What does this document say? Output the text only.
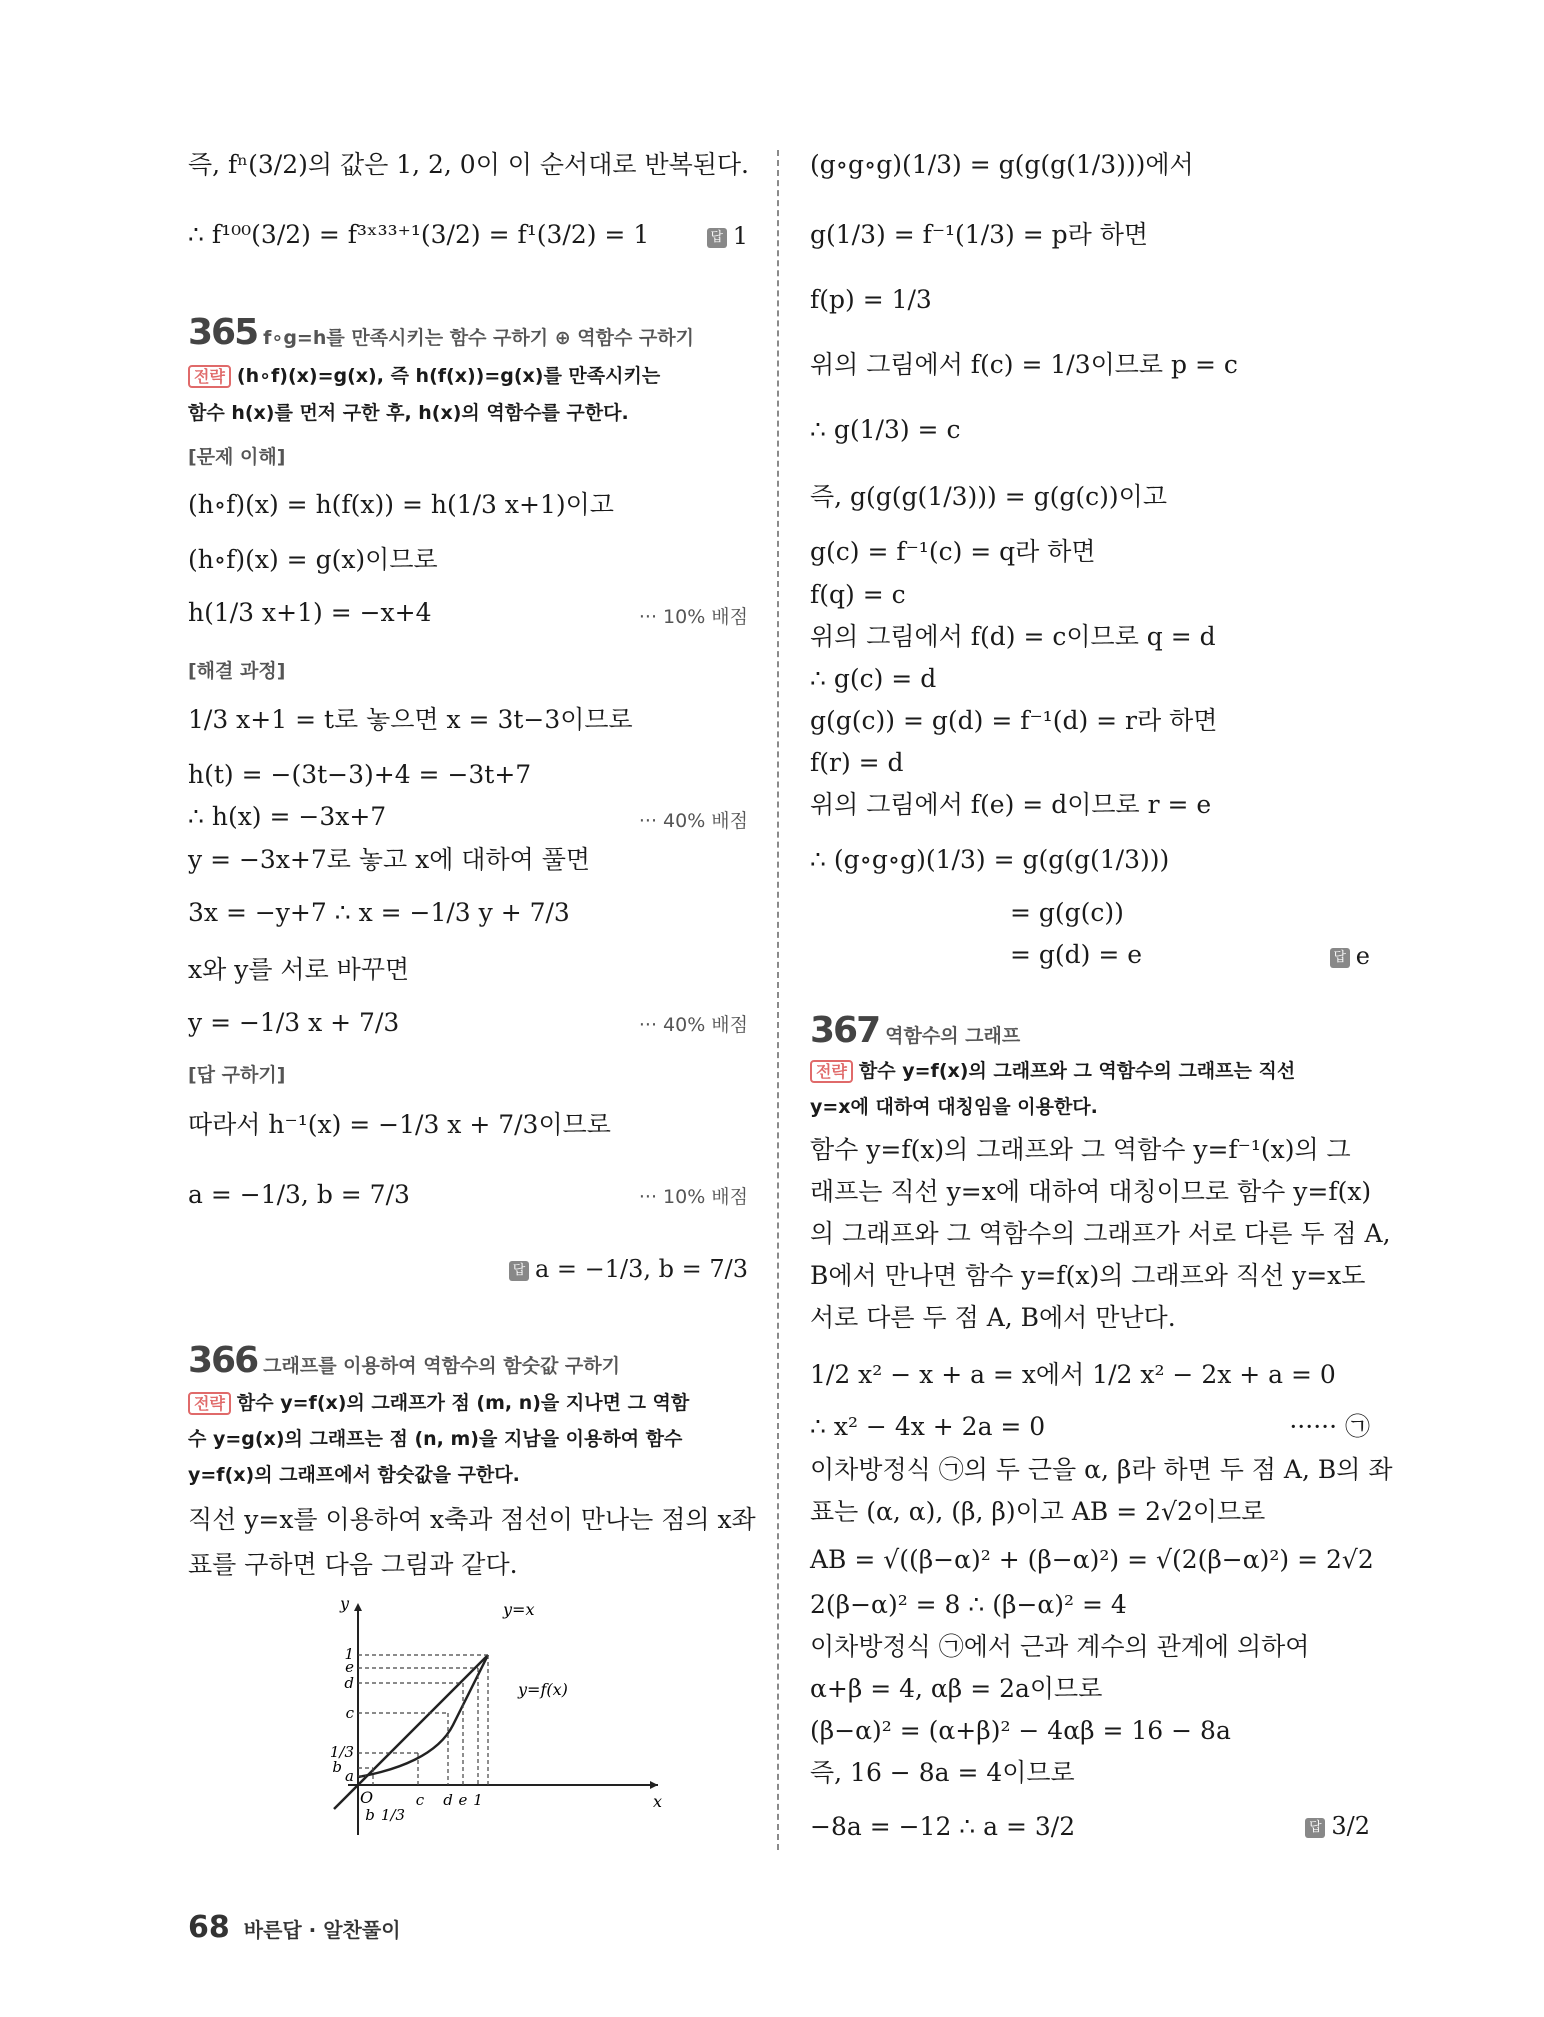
즉, fⁿ(3/2)의 값은 1, 2, 0이 이 순서대로 반복된다.
∴ f¹⁰⁰(3/2) = f³ˣ³³⁺¹(3/2) = f¹(3/2) = 1	답 1
365 f∘g=h를 만족시키는 함수 구하기 ⊕ 역함수 구하기
전략 (h∘f)(x)=g(x), 즉 h(f(x))=g(x)를 만족시키는
함수 h(x)를 먼저 구한 후, h(x)의 역함수를 구한다.
[문제 이해]
(h∘f)(x) = h(f(x)) = h(1/3 x+1)이고
(h∘f)(x) = g(x)이므로
h(1/3 x+1) = −x+4	··· 10% 배점
[해결 과정]
1/3 x+1 = t로 놓으면 x = 3t−3이므로
h(t) = −(3t−3)+4 = −3t+7
∴ h(x) = −3x+7	··· 40% 배점
y = −3x+7로 놓고 x에 대하여 풀면
3x = −y+7 ∴ x = −1/3 y + 7/3
x와 y를 서로 바꾸면
y = −1/3 x + 7/3	··· 40% 배점
[답 구하기]
따라서 h⁻¹(x) = −1/3 x + 7/3이므로
a = −1/3, b = 7/3	··· 10% 배점
답 a = −1/3, b = 7/3
366 그래프를 이용하여 역함수의 함숫값 구하기
전략 함수 y=f(x)의 그래프가 점 (m, n)을 지나면 그 역함
수 y=g(x)의 그래프는 점 (n, m)을 지남을 이용하여 함수
y=f(x)의 그래프에서 함숫값을 구한다.
직선 y=x를 이용하여 x축과 점선이 만나는 점의 x좌
표를 구하면 다음 그림과 같다.
y
x
y=x
y=f(x)
O
1
e
d
c
1/3
b a
b 1/3
c d e 1
(g∘g∘g)(1/3) = g(g(g(1/3)))에서
g(1/3) = f⁻¹(1/3) = p라 하면
f(p) = 1/3
위의 그림에서 f(c) = 1/3이므로 p = c
∴ g(1/3) = c
즉, g(g(g(1/3))) = g(g(c))이고
g(c) = f⁻¹(c) = q라 하면
f(q) = c
위의 그림에서 f(d) = c이므로 q = d
∴ g(c) = d
g(g(c)) = g(d) = f⁻¹(d) = r라 하면
f(r) = d
위의 그림에서 f(e) = d이므로 r = e
∴ (g∘g∘g)(1/3) = g(g(g(1/3)))
= g(g(c))
= g(d) = e	답 e
367 역함수의 그래프
전략 함수 y=f(x)의 그래프와 그 역함수의 그래프는 직선
y=x에 대하여 대칭임을 이용한다.
함수 y=f(x)의 그래프와 그 역함수 y=f⁻¹(x)의 그
래프는 직선 y=x에 대하여 대칭이므로 함수 y=f(x)
의 그래프와 그 역함수의 그래프가 서로 다른 두 점 A,
B에서 만나면 함수 y=f(x)의 그래프와 직선 y=x도
서로 다른 두 점 A, B에서 만난다.
1/2 x² − x + a = x에서 1/2 x² − 2x + a = 0
∴ x² − 4x + 2a = 0	······ ㉠
이차방정식 ㉠의 두 근을 α, β라 하면 두 점 A, B의 좌
표는 (α, α), (β, β)이고 AB = 2√2이므로
AB = √((β−α)² + (β−α)²) = √(2(β−α)²) = 2√2
2(β−α)² = 8 ∴ (β−α)² = 4
이차방정식 ㉠에서 근과 계수의 관계에 의하여
α+β = 4, αβ = 2a이므로
(β−α)² = (α+β)² − 4αβ = 16 − 8a
즉, 16 − 8a = 4이므로
−8a = −12 ∴ a = 3/2	답 3/2
68 바른답 · 알찬풀이
